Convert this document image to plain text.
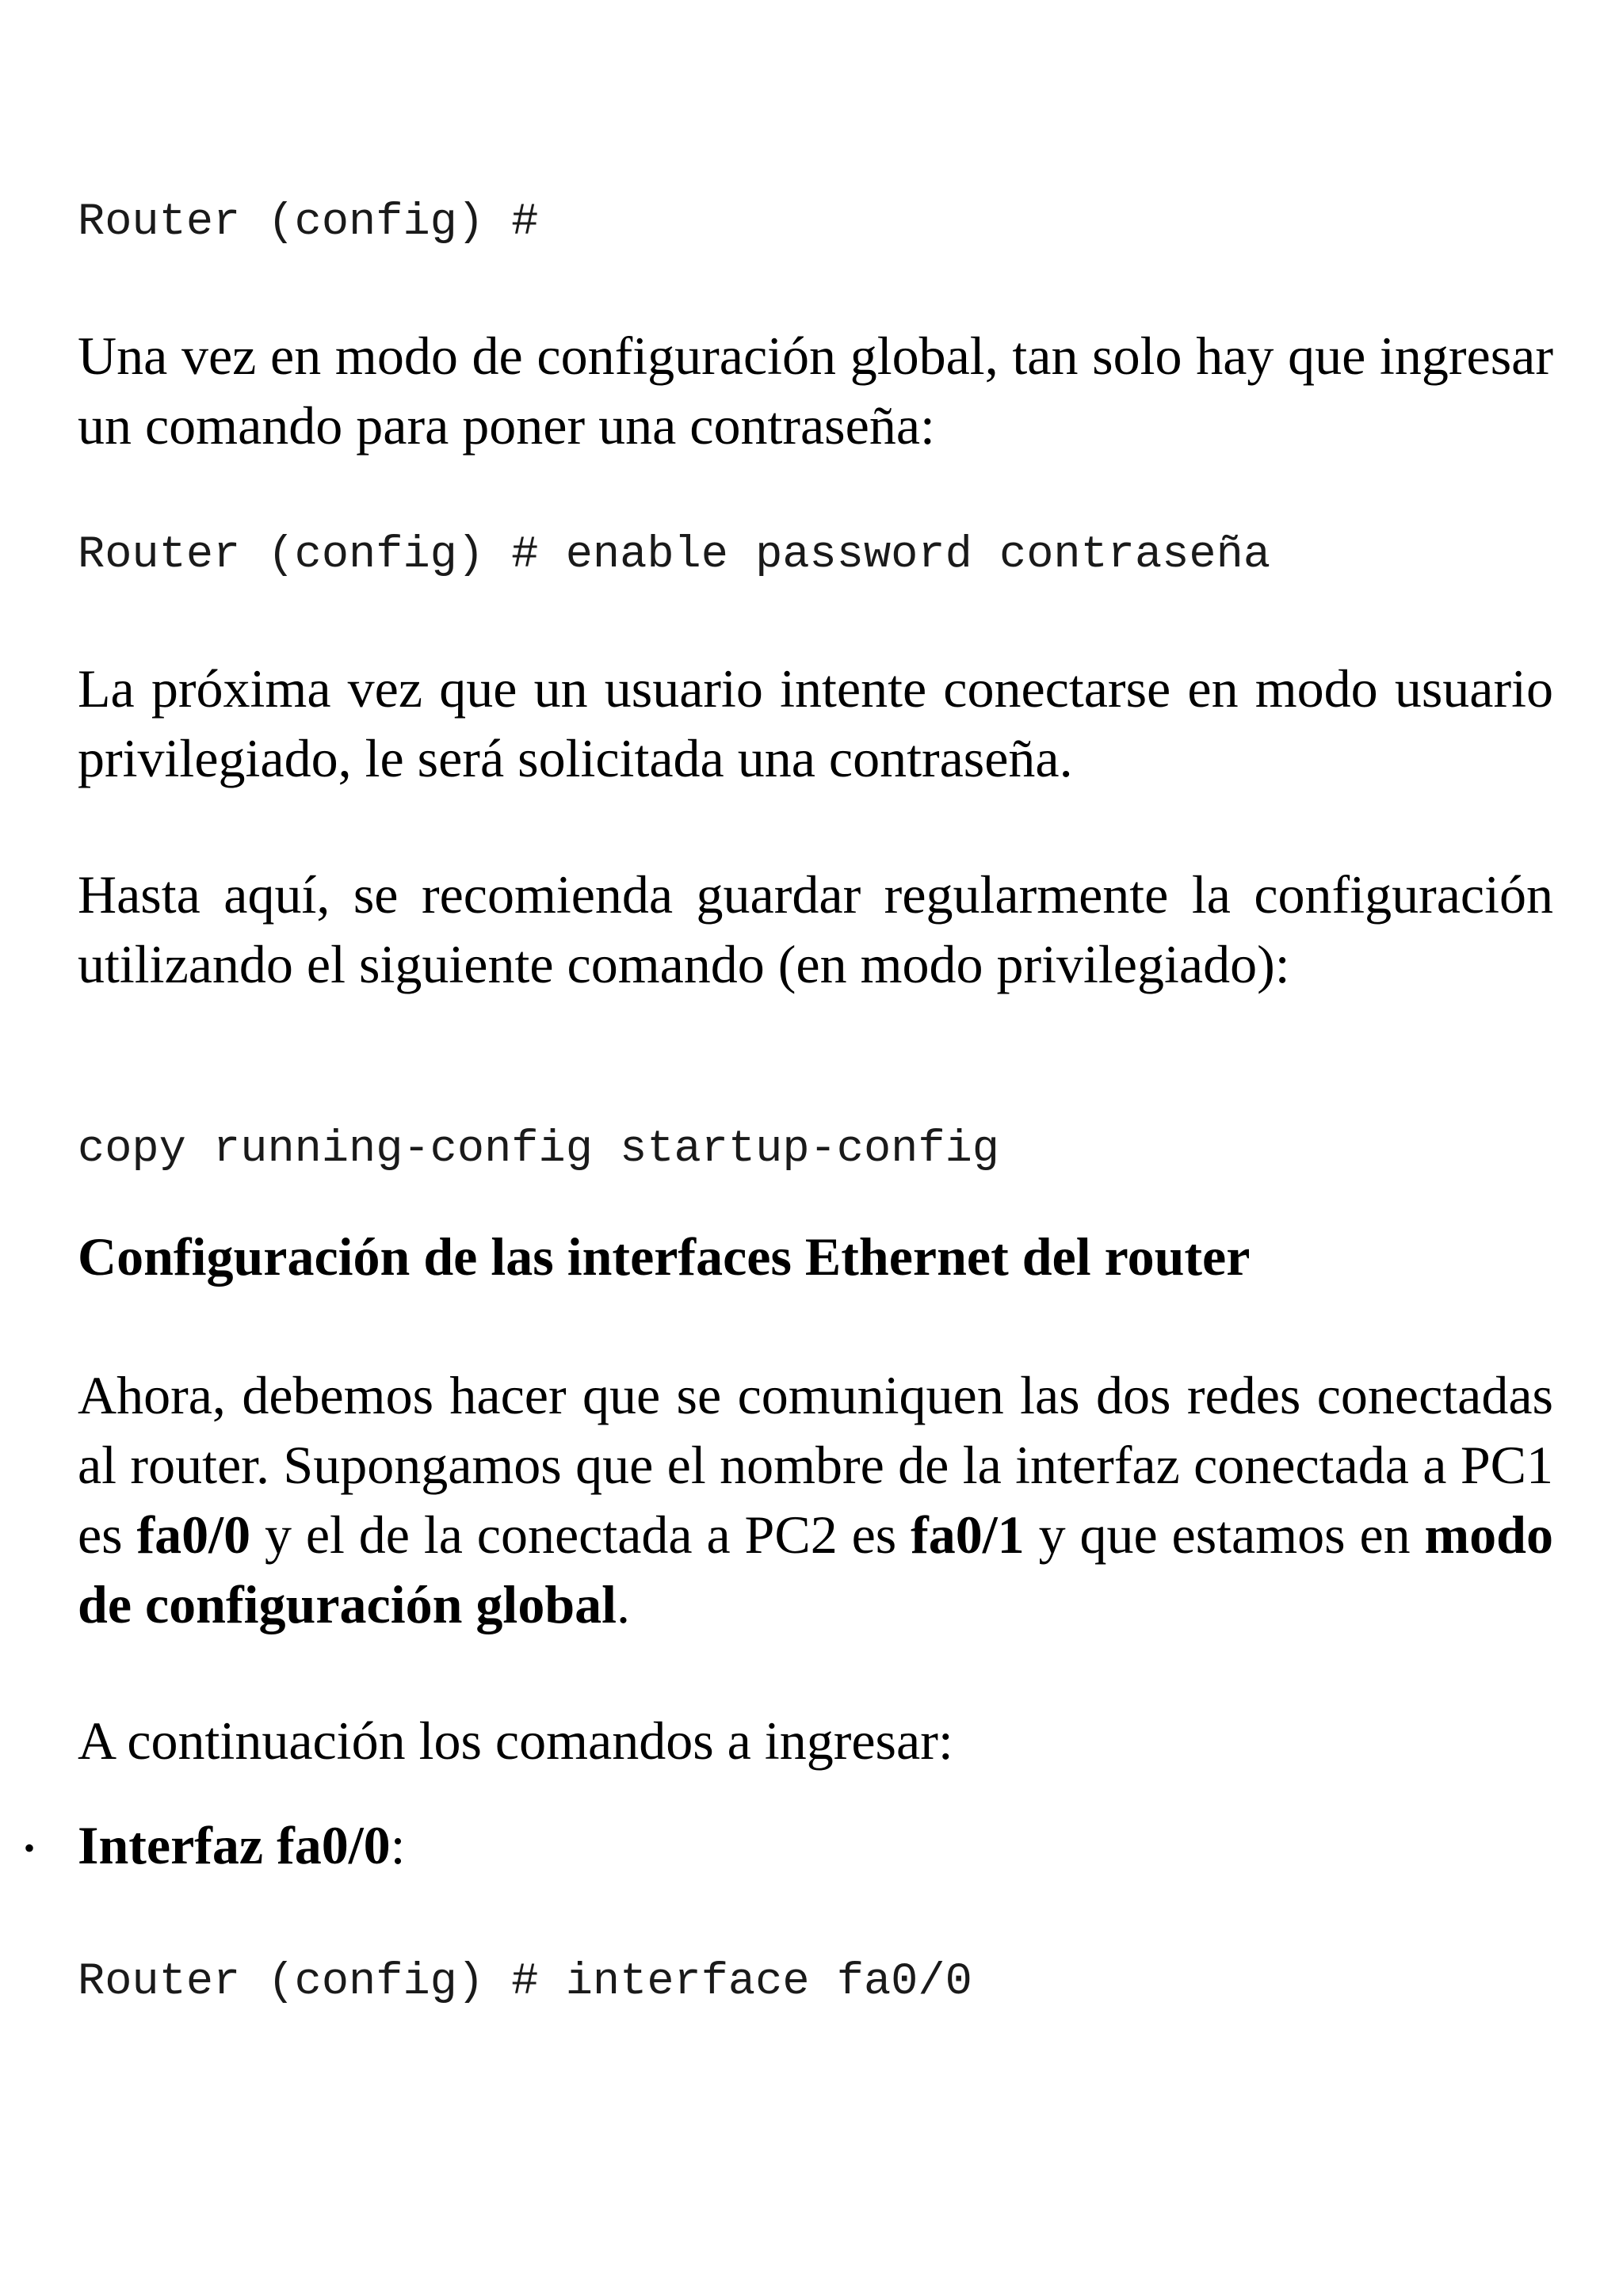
Router (config) #

Una vez en modo de configuración global, tan solo hay que ingresar un comando para poner una contraseña:

Router (config) # enable password contraseña

La próxima vez que un usuario intente conectarse en modo usuario privilegiado, le será solicitada una contraseña.

Hasta aquí, se recomienda guardar regularmente la configuración utilizando el siguiente comando (en modo privilegiado):

copy running-config startup-config
Configuración de las interfaces Ethernet del router

Ahora, debemos hacer que se comuniquen las dos redes conectadas al router. Supongamos que el nombre de la interfaz conectada a PC1 es fa0/0 y el de la conectada a PC2 es fa0/1 y que estamos en modo de configuración global.

A continuación los comandos a ingresar:

• Interfaz fa0/0:

Router (config) # interface fa0/0
